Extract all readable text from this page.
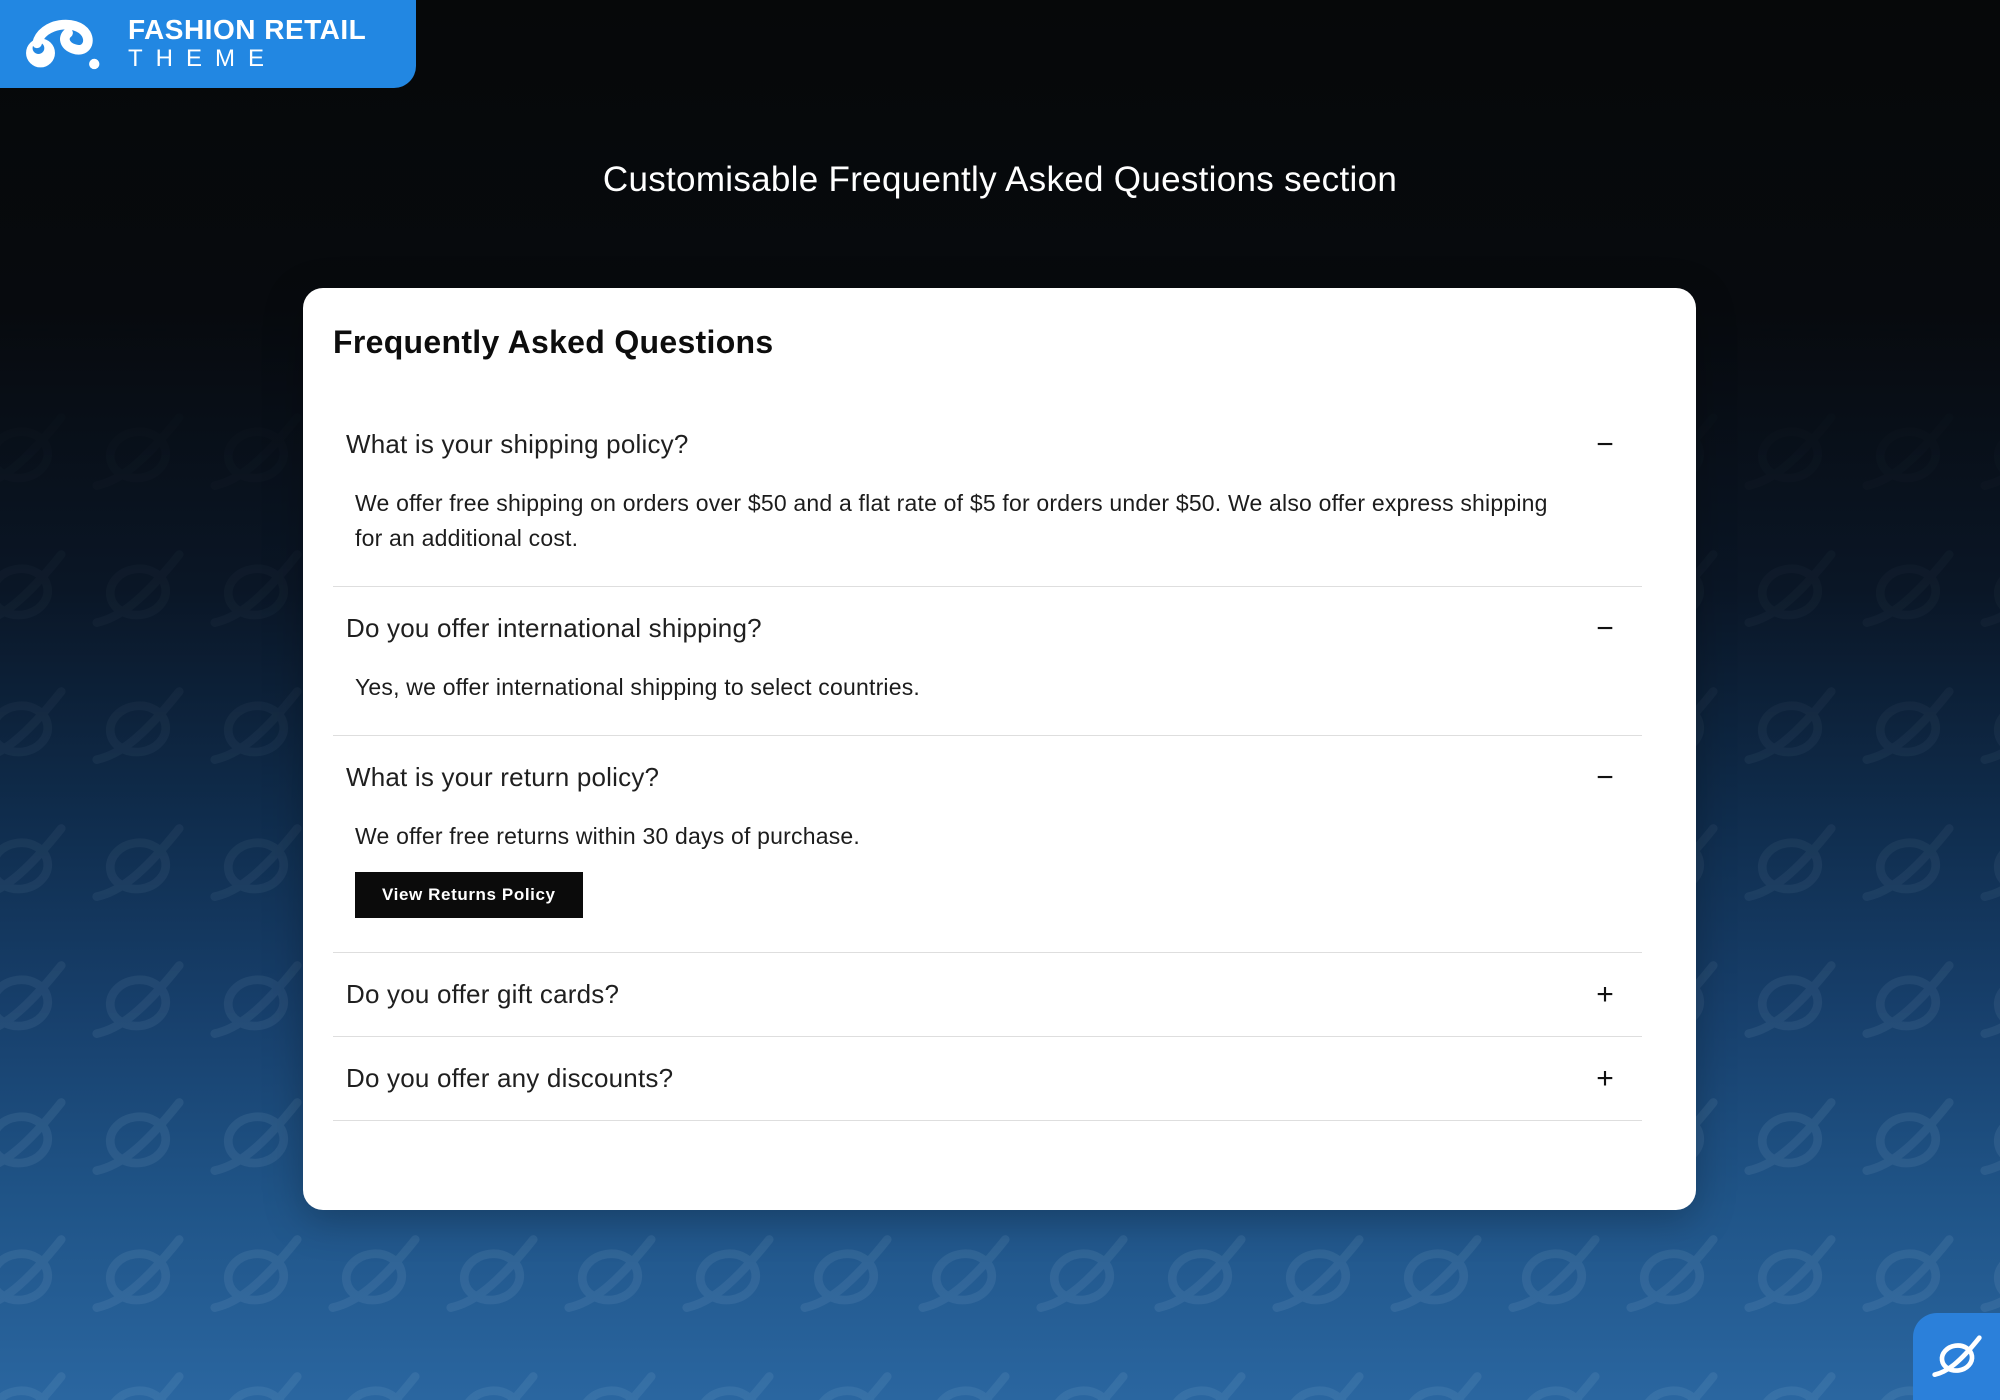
FASHION RETAIL
THEME
Customisable Frequently Asked Questions section
Frequently Asked Questions
What is your shipping policy?	−
We offer free shipping on orders over $50 and a flat rate of $5 for orders under $50. We also offer express shipping for an additional cost.
Do you offer international shipping?	−
Yes, we offer international shipping to select countries.
What is your return policy?	−
We offer free returns within 30 days of purchase.
View Returns Policy
Do you offer gift cards?	+
Do you offer any discounts?	+
